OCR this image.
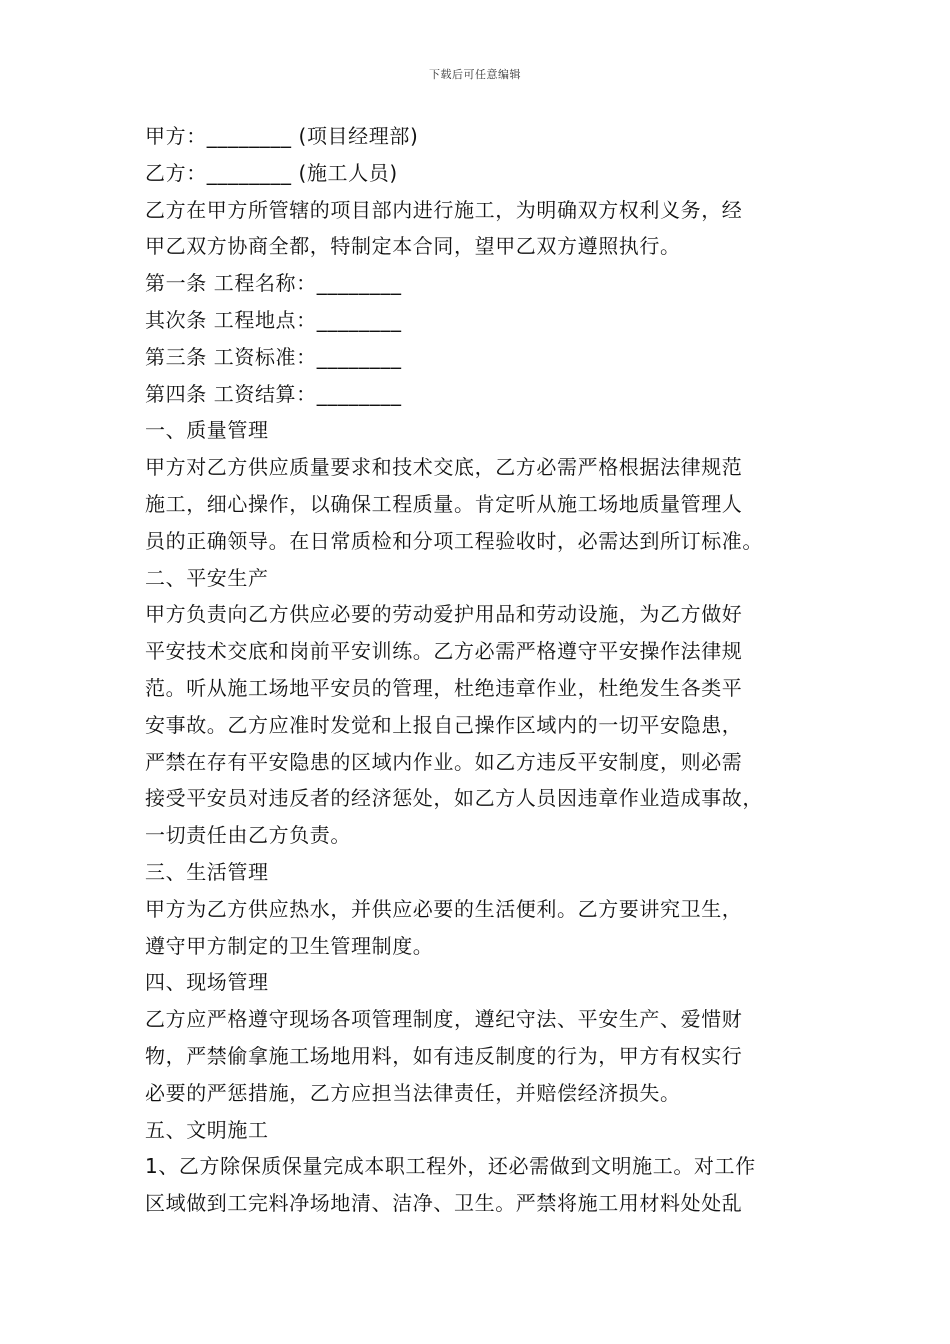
下载后可任意编辑
甲方：________ (项目经理部)
乙方：________ (施工人员)
乙方在甲方所管辖的项目部内进行施工，为明确双方权利义务，经
甲乙双方协商全都，特制定本合同，望甲乙双方遵照执行。
第一条 工程名称：________
其次条 工程地点：________
第三条 工资标准：________
第四条 工资结算：________
一、质量管理
甲方对乙方供应质量要求和技术交底，乙方必需严格根据法律规范
施工，细心操作，以确保工程质量。肯定听从施工场地质量管理人
员的正确领导。在日常质检和分项工程验收时，必需达到所订标准。
二、平安生产
甲方负责向乙方供应必要的劳动爱护用品和劳动设施，为乙方做好
平安技术交底和岗前平安训练。乙方必需严格遵守平安操作法律规
范。听从施工场地平安员的管理，杜绝违章作业，杜绝发生各类平
安事故。乙方应准时发觉和上报自己操作区域内的一切平安隐患，
严禁在存有平安隐患的区域内作业。如乙方违反平安制度，则必需
接受平安员对违反者的经济惩处，如乙方人员因违章作业造成事故，
一切责任由乙方负责。
三、生活管理
甲方为乙方供应热水，并供应必要的生活便利。乙方要讲究卫生，
遵守甲方制定的卫生管理制度。
四、现场管理
乙方应严格遵守现场各项管理制度，遵纪守法、平安生产、爱惜财
物，严禁偷拿施工场地用料，如有违反制度的行为，甲方有权实行
必要的严惩措施，乙方应担当法律责任，并赔偿经济损失。
五、文明施工
1、乙方除保质保量完成本职工程外，还必需做到文明施工。对工作
区域做到工完料净场地清、洁净、卫生。严禁将施工用材料处处乱
